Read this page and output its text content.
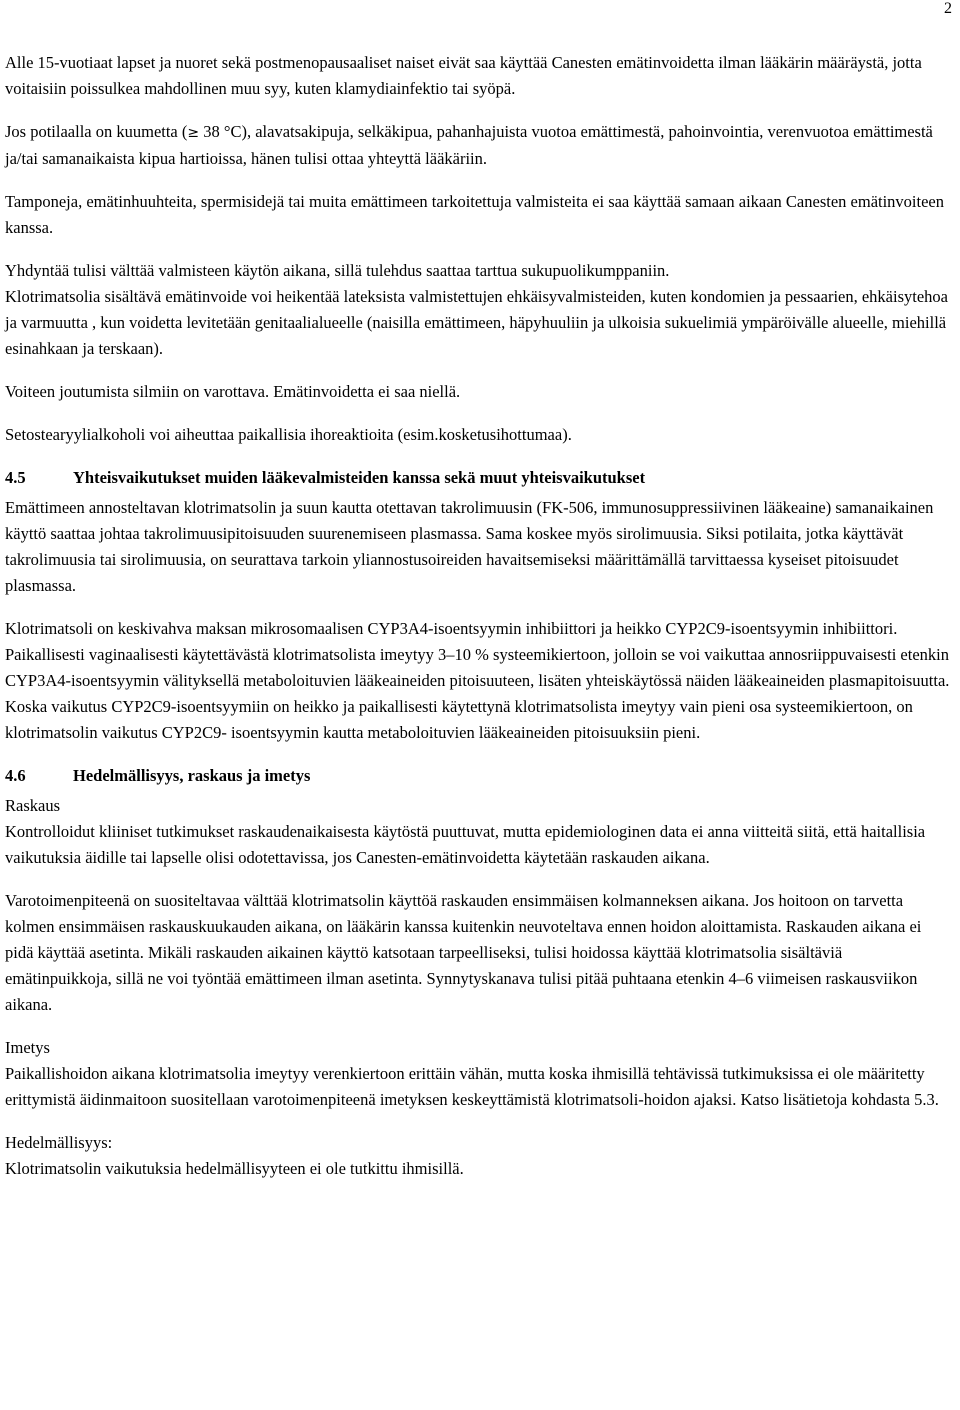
2

Alle 15-vuotiaat lapset ja nuoret sekä postmenopausaaliset naiset eivät saa käyttää Canesten emätinvoidetta ilman lääkärin määräystä, jotta voitaisiin poissulkea mahdollinen muu syy, kuten klamydiainfektio tai syöpä.

Jos potilaalla on kuumetta (≥ 38 °C), alavatsakipuja, selkäkipua, pahanhajuista vuotoa emättimestä, pahoinvointia, verenvuotoa emättimestä ja/tai samanaikaista kipua hartioissa, hänen tulisi ottaa yhteyttä lääkäriin.

Tamponeja, emätinhuuhteita, spermisidejä tai muita emättimeen tarkoitettuja valmisteita ei saa käyttää samaan aikaan Canesten emätinvoiteen kanssa.

Yhdyntää tulisi välttää valmisteen käytön aikana, sillä tulehdus saattaa tarttua sukupuolikumppaniin.

Klotrimatsolia sisältävä emätinvoide voi heikentää lateksista valmistettujen ehkäisyvalmisteiden, kuten kondomien ja pessaarien, ehkäisytehoa ja varmuutta , kun voidetta levitetään genitaalialueelle (naisilla emättimeen, häpyhuuliin ja ulkoisia sukuelimiä ympäröivälle alueelle, miehillä esinahkaan ja terskaan).

Voiteen joutumista silmiin on varottava. Emätinvoidetta ei saa niellä.

Setostearyylialkoholi voi aiheuttaa paikallisia ihoreaktioita (esim.kosketusihottumaa).

4.5	Yhteisvaikutukset muiden lääkevalmisteiden kanssa sekä muut yhteisvaikutukset

Emättimeen annosteltavan klotrimatsolin ja suun kautta otettavan takrolimuusin (FK-506, immunosuppressiivinen lääkeaine) samanaikainen käyttö saattaa johtaa takrolimuusipitoisuuden suurenemiseen plasmassa. Sama koskee myös sirolimuusia. Siksi potilaita, jotka käyttävät takrolimuusia tai sirolimuusia, on seurattava tarkoin yliannostusoireiden havaitsemiseksi määrittämällä tarvittaessa kyseiset pitoisuudet plasmassa.

Klotrimatsoli on keskivahva maksan mikrosomaalisen CYP3A4-isoentsyymin inhibiittori ja heikko CYP2C9-isoentsyymin inhibiittori. Paikallisesti vaginaalisesti käytettävästä klotrimatsolista imeytyy 3–10 % systeemikiertoon, jolloin se voi vaikuttaa annosriippuvaisesti etenkin CYP3A4-isoentsyymin välityksellä metaboloituvien lääkeaineiden pitoisuuteen, lisäten yhteiskäytössä näiden lääkeaineiden plasmapitoisuutta. Koska vaikutus CYP2C9-isoentsyymiin on heikko ja paikallisesti käytettynä klotrimatsolista imeytyy vain pieni osa systeemikiertoon, on klotrimatsolin vaikutus CYP2C9- isoentsyymin kautta metaboloituvien lääkeaineiden pitoisuuksiin pieni.

4.6	Hedelmällisyys, raskaus ja imetys

Raskaus

Kontrolloidut kliiniset tutkimukset raskaudenaikaisesta käytöstä puuttuvat, mutta epidemiologinen data ei anna viitteitä siitä, että haitallisia vaikutuksia äidille tai lapselle olisi odotettavissa, jos Canesten-emätinvoidetta käytetään raskauden aikana.

Varotoimenpiteenä on suositeltavaa välttää klotrimatsolin käyttöä raskauden ensimmäisen kolmanneksen aikana. Jos hoitoon on tarvetta kolmen ensimmäisen raskauskuukauden aikana, on lääkärin kanssa kuitenkin neuvoteltava ennen hoidon aloittamista. Raskauden aikana ei pidä käyttää asetinta. Mikäli raskauden aikainen käyttö katsotaan tarpeelliseksi, tulisi hoidossa käyttää klotrimatsolia sisältäviä emätinpuikkoja, sillä ne voi työntää emättimeen ilman asetinta. Synnytyskanava tulisi pitää puhtaana etenkin 4–6 viimeisen raskausviikon aikana.

Imetys

Paikallishoidon aikana klotrimatsolia imeytyy verenkiertoon erittäin vähän, mutta koska ihmisillä tehtävissä tutkimuksissa ei ole määritetty erittymistä äidinmaitoon suositellaan varotoimenpiteenä imetyksen keskeyttämistä klotrimatsoli-hoidon ajaksi. Katso lisätietoja kohdasta 5.3.

Hedelmällisyys:

Klotrimatsolin vaikutuksia hedelmällisyyteen ei ole tutkittu ihmisillä.
